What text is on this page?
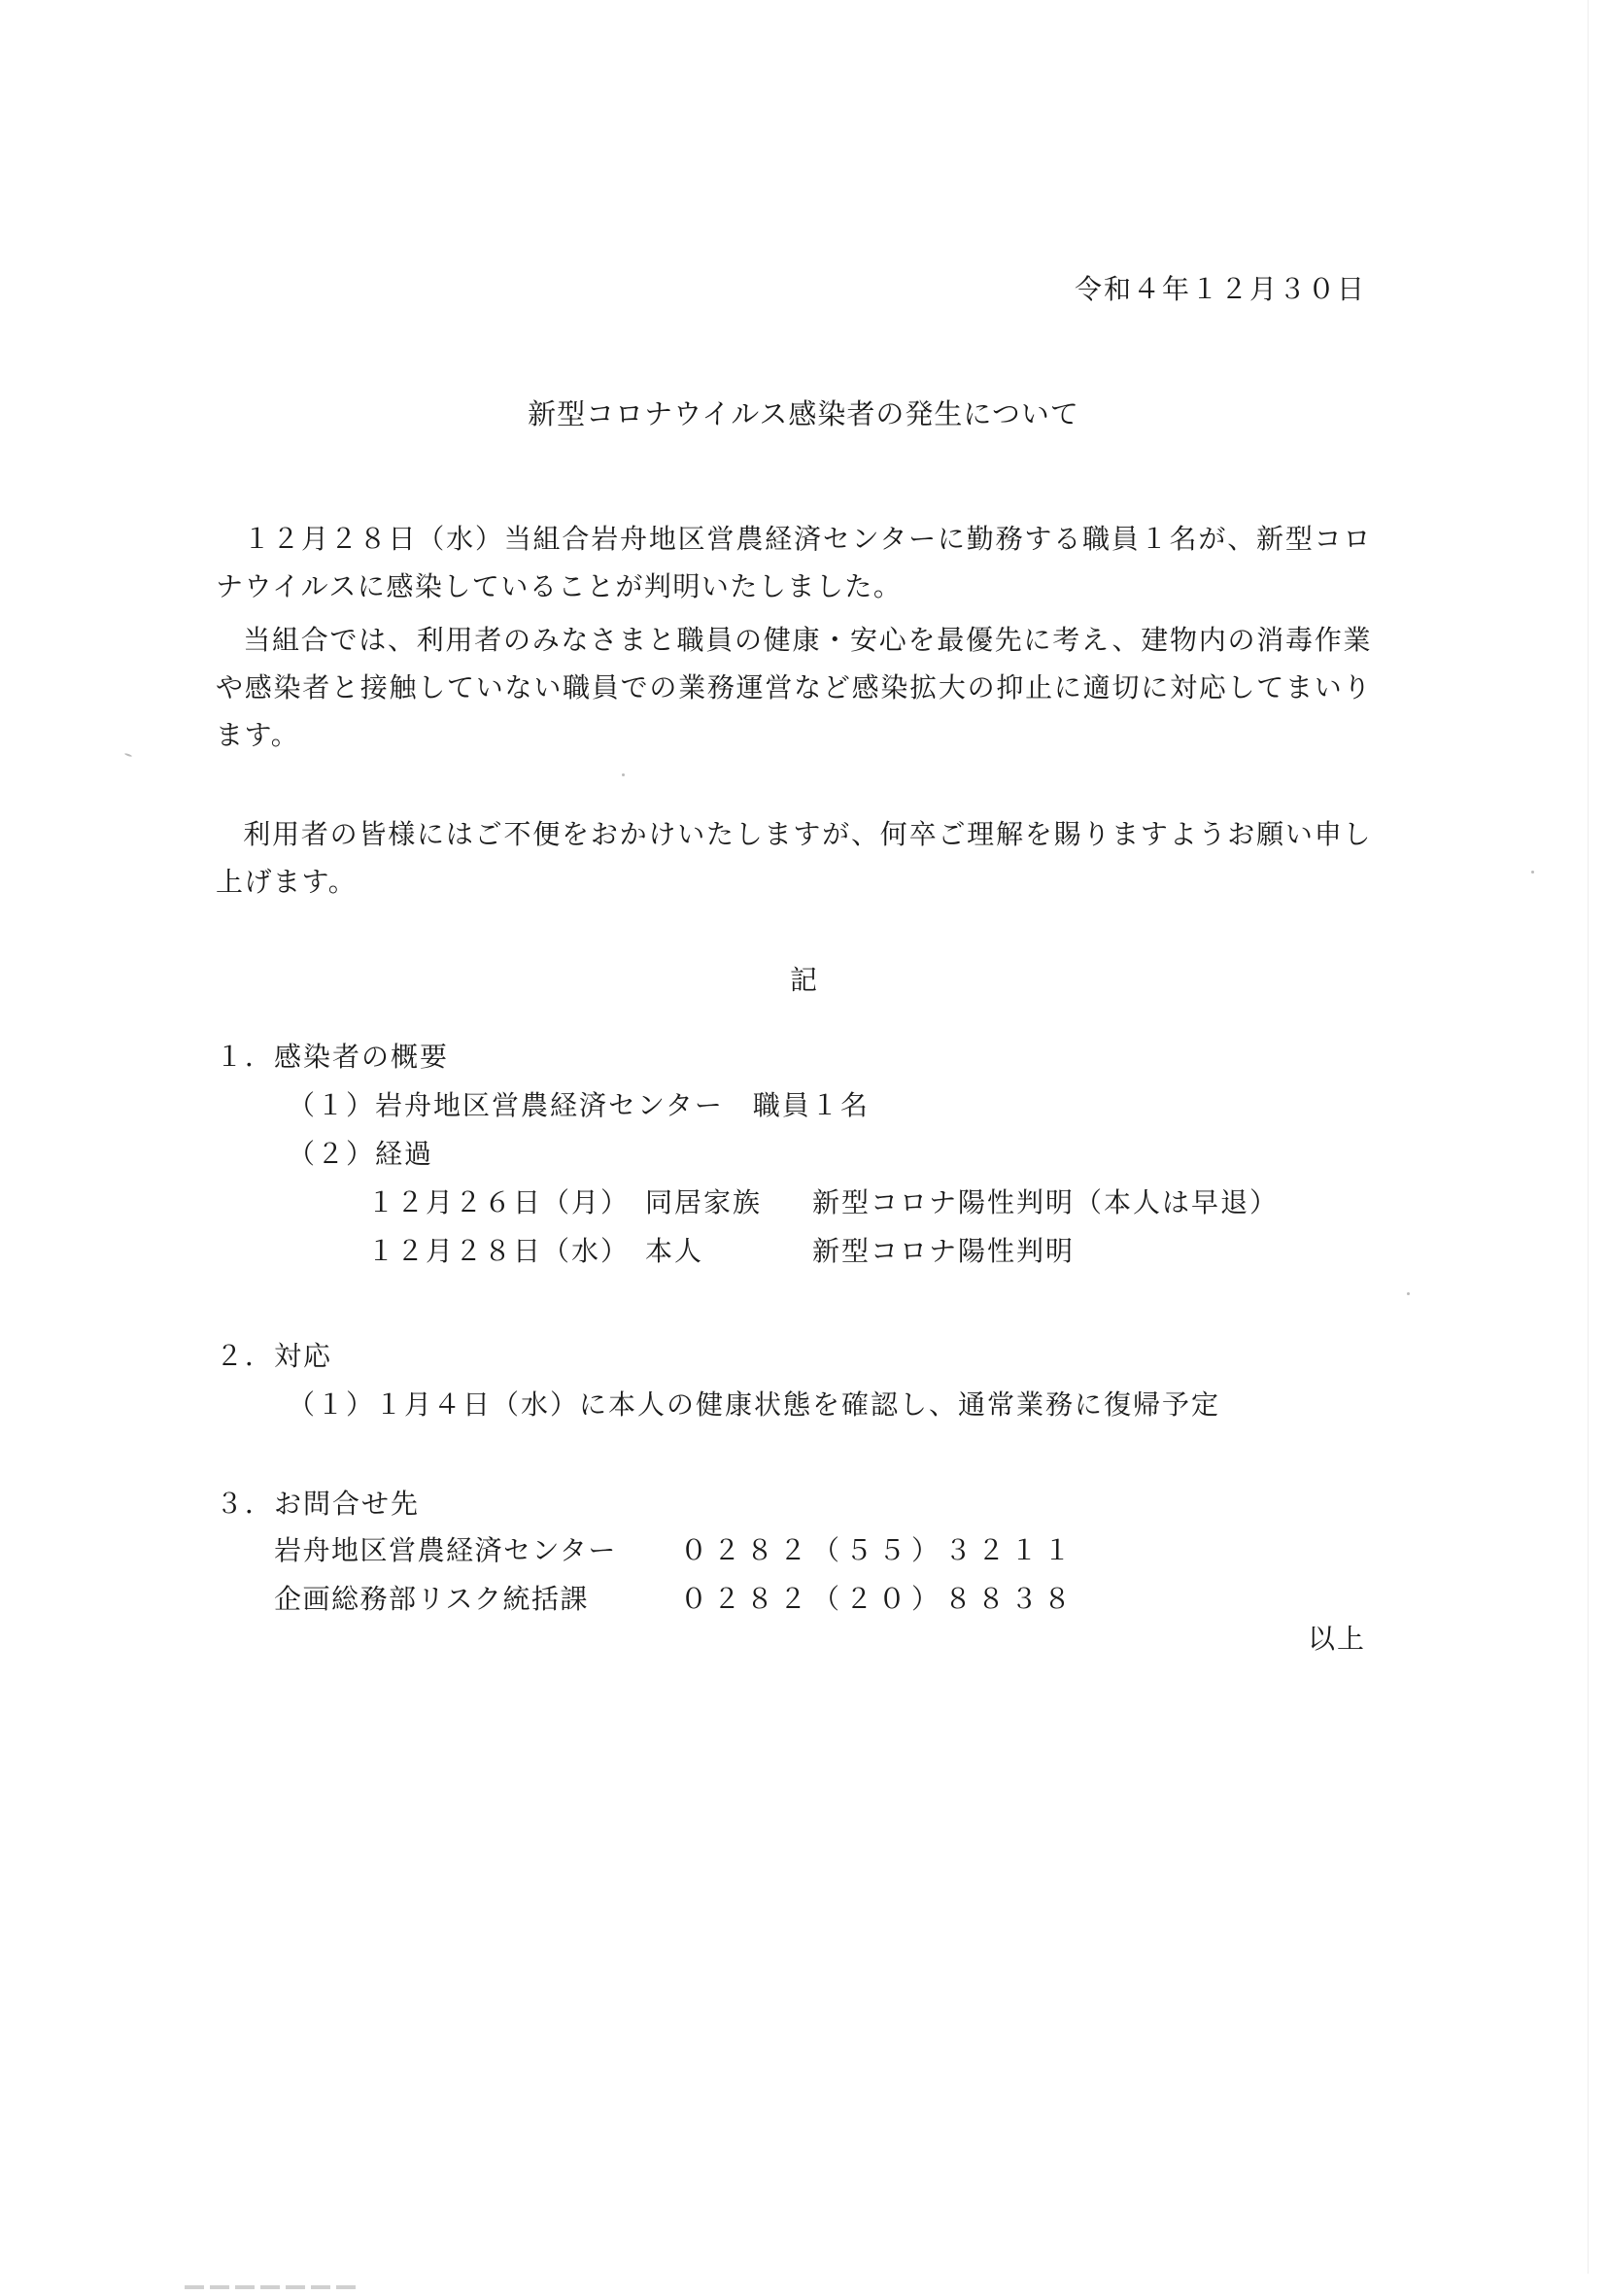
令和４年１２月３０日
新型コロナウイルス感染者の発生について
１２月２８日（水）当組合岩舟地区営農経済センターに勤務する職員１名が、新型コロナウイルスに感染していることが判明いたしました。
当組合では、利用者のみなさまと職員の健康・安心を最優先に考え、建物内の消毒作業や感染者と接触していない職員での業務運営など感染拡大の抑止に適切に対応してまいります。
利用者の皆様にはご不便をおかけいたしますが、何卒ご理解を賜りますようお願い申し上げます。
記
１．感染者の概要
（１）岩舟地区営農経済センター　職員１名
（２）経過
１２月２６日（月） 同居家族 新型コロナ陽性判明（本人は早退）
１２月２８日（水） 本人	新型コロナ陽性判明
２．対応
（１）１月４日（水）に本人の健康状態を確認し、通常業務に復帰予定
３．お問合せ先
岩舟地区営農経済センター ０２８２（５５）３２１１
企画総務部リスク統括課	０２８２（２０）８８３８
以上
